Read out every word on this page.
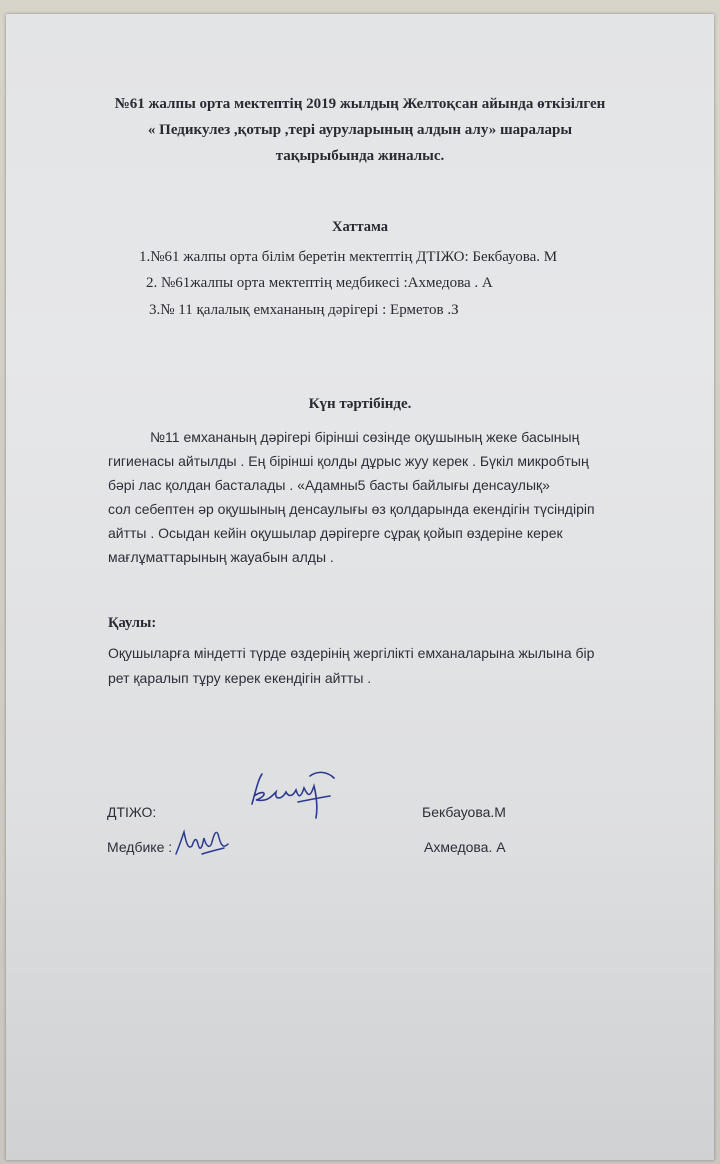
№61 жалпы орта мектептің 2019 жылдың Желтоқсан айында өткізілген
« Педикулез ,қотыр ,тері ауруларының алдын алу» шаралары
тақырыбында жиналыс.
Хаттама
1.№61 жалпы орта білім беретін мектептің ДТІЖО: Бекбауова. М
2. №61жалпы орта мектептің медбикесі :Ахмедова . А
3.№ 11 қалалық емхананың дәрігері : Ерметов .З
Күн тәртібінде.
№11 емхананың дәрігері бірінші сөзінде оқушының жеке басының
гигиенасы айтылды . Ең бірінші қолды дұрыс жуу керек . Бүкіл микробтың
бәрі лас қолдан басталады . «Адамны5 басты байлығы денсаулық»
сол себептен әр оқушының денсаулығы өз қолдарында екендігін түсіндіріп
айтты . Осыдан кейін оқушылар дәрігерге сұрақ қойып өздеріне керек
мағлұматтарының жауабын алды .
Қаулы:
Оқушыларға міндетті түрде өздерінің жергілікті емханаларына жылына бір
рет қаралып тұру керек екендігін айтты .
ДТІЖО:	Бекбауова.М
Медбике :	Ахмедова. А
